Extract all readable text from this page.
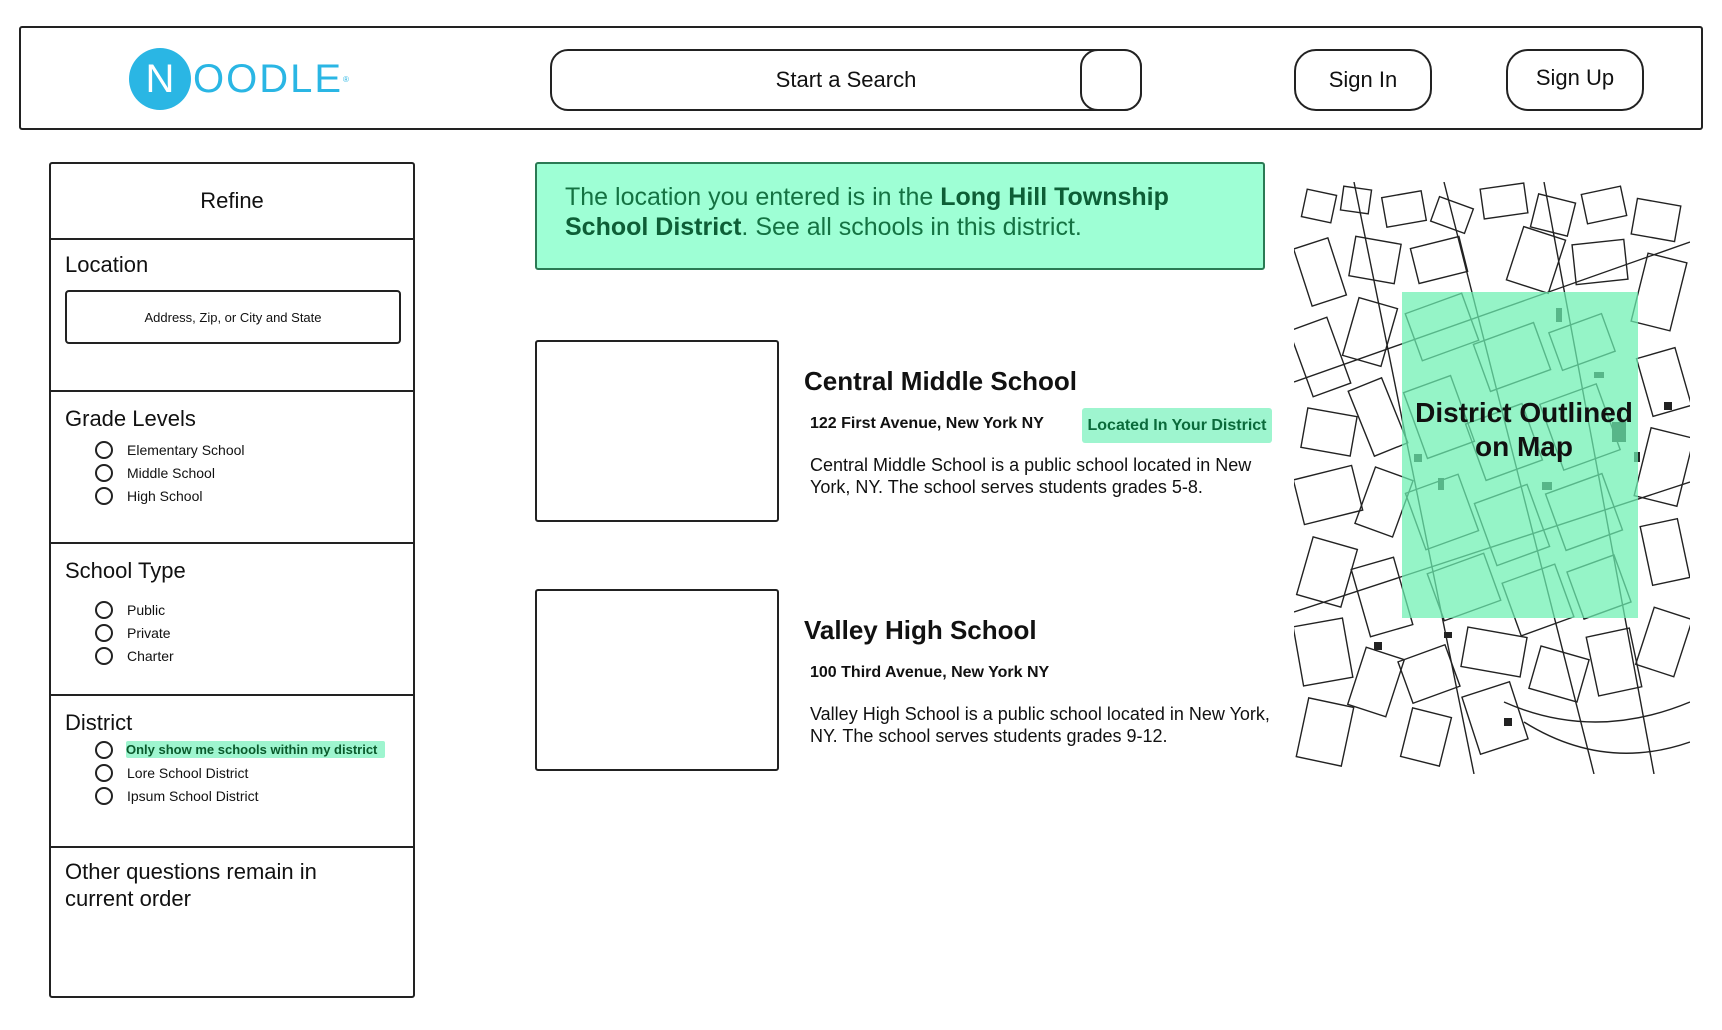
N OODLE ®	Start a Search	Sign In	Sign Up
Refine
Location
Address, Zip, or City and State
Grade Levels
Elementary School
Middle School
High School
School Type
Public
Private
Charter
District
Only show me schools within my district
Lore School District
Ipsum School District
Other questions remain in current order
The location you entered is in the Long Hill Township School District. See all schools in this district.
Central Middle School
122 First Avenue, New York NY	Located In Your District
Central Middle School is a public school located in New York, NY. The school serves students grades 5-8.
Valley High School
100 Third Avenue, New York NY
Valley High School is a public school located in New York, NY. The school serves students grades 9-12.
District Outlined on Map
